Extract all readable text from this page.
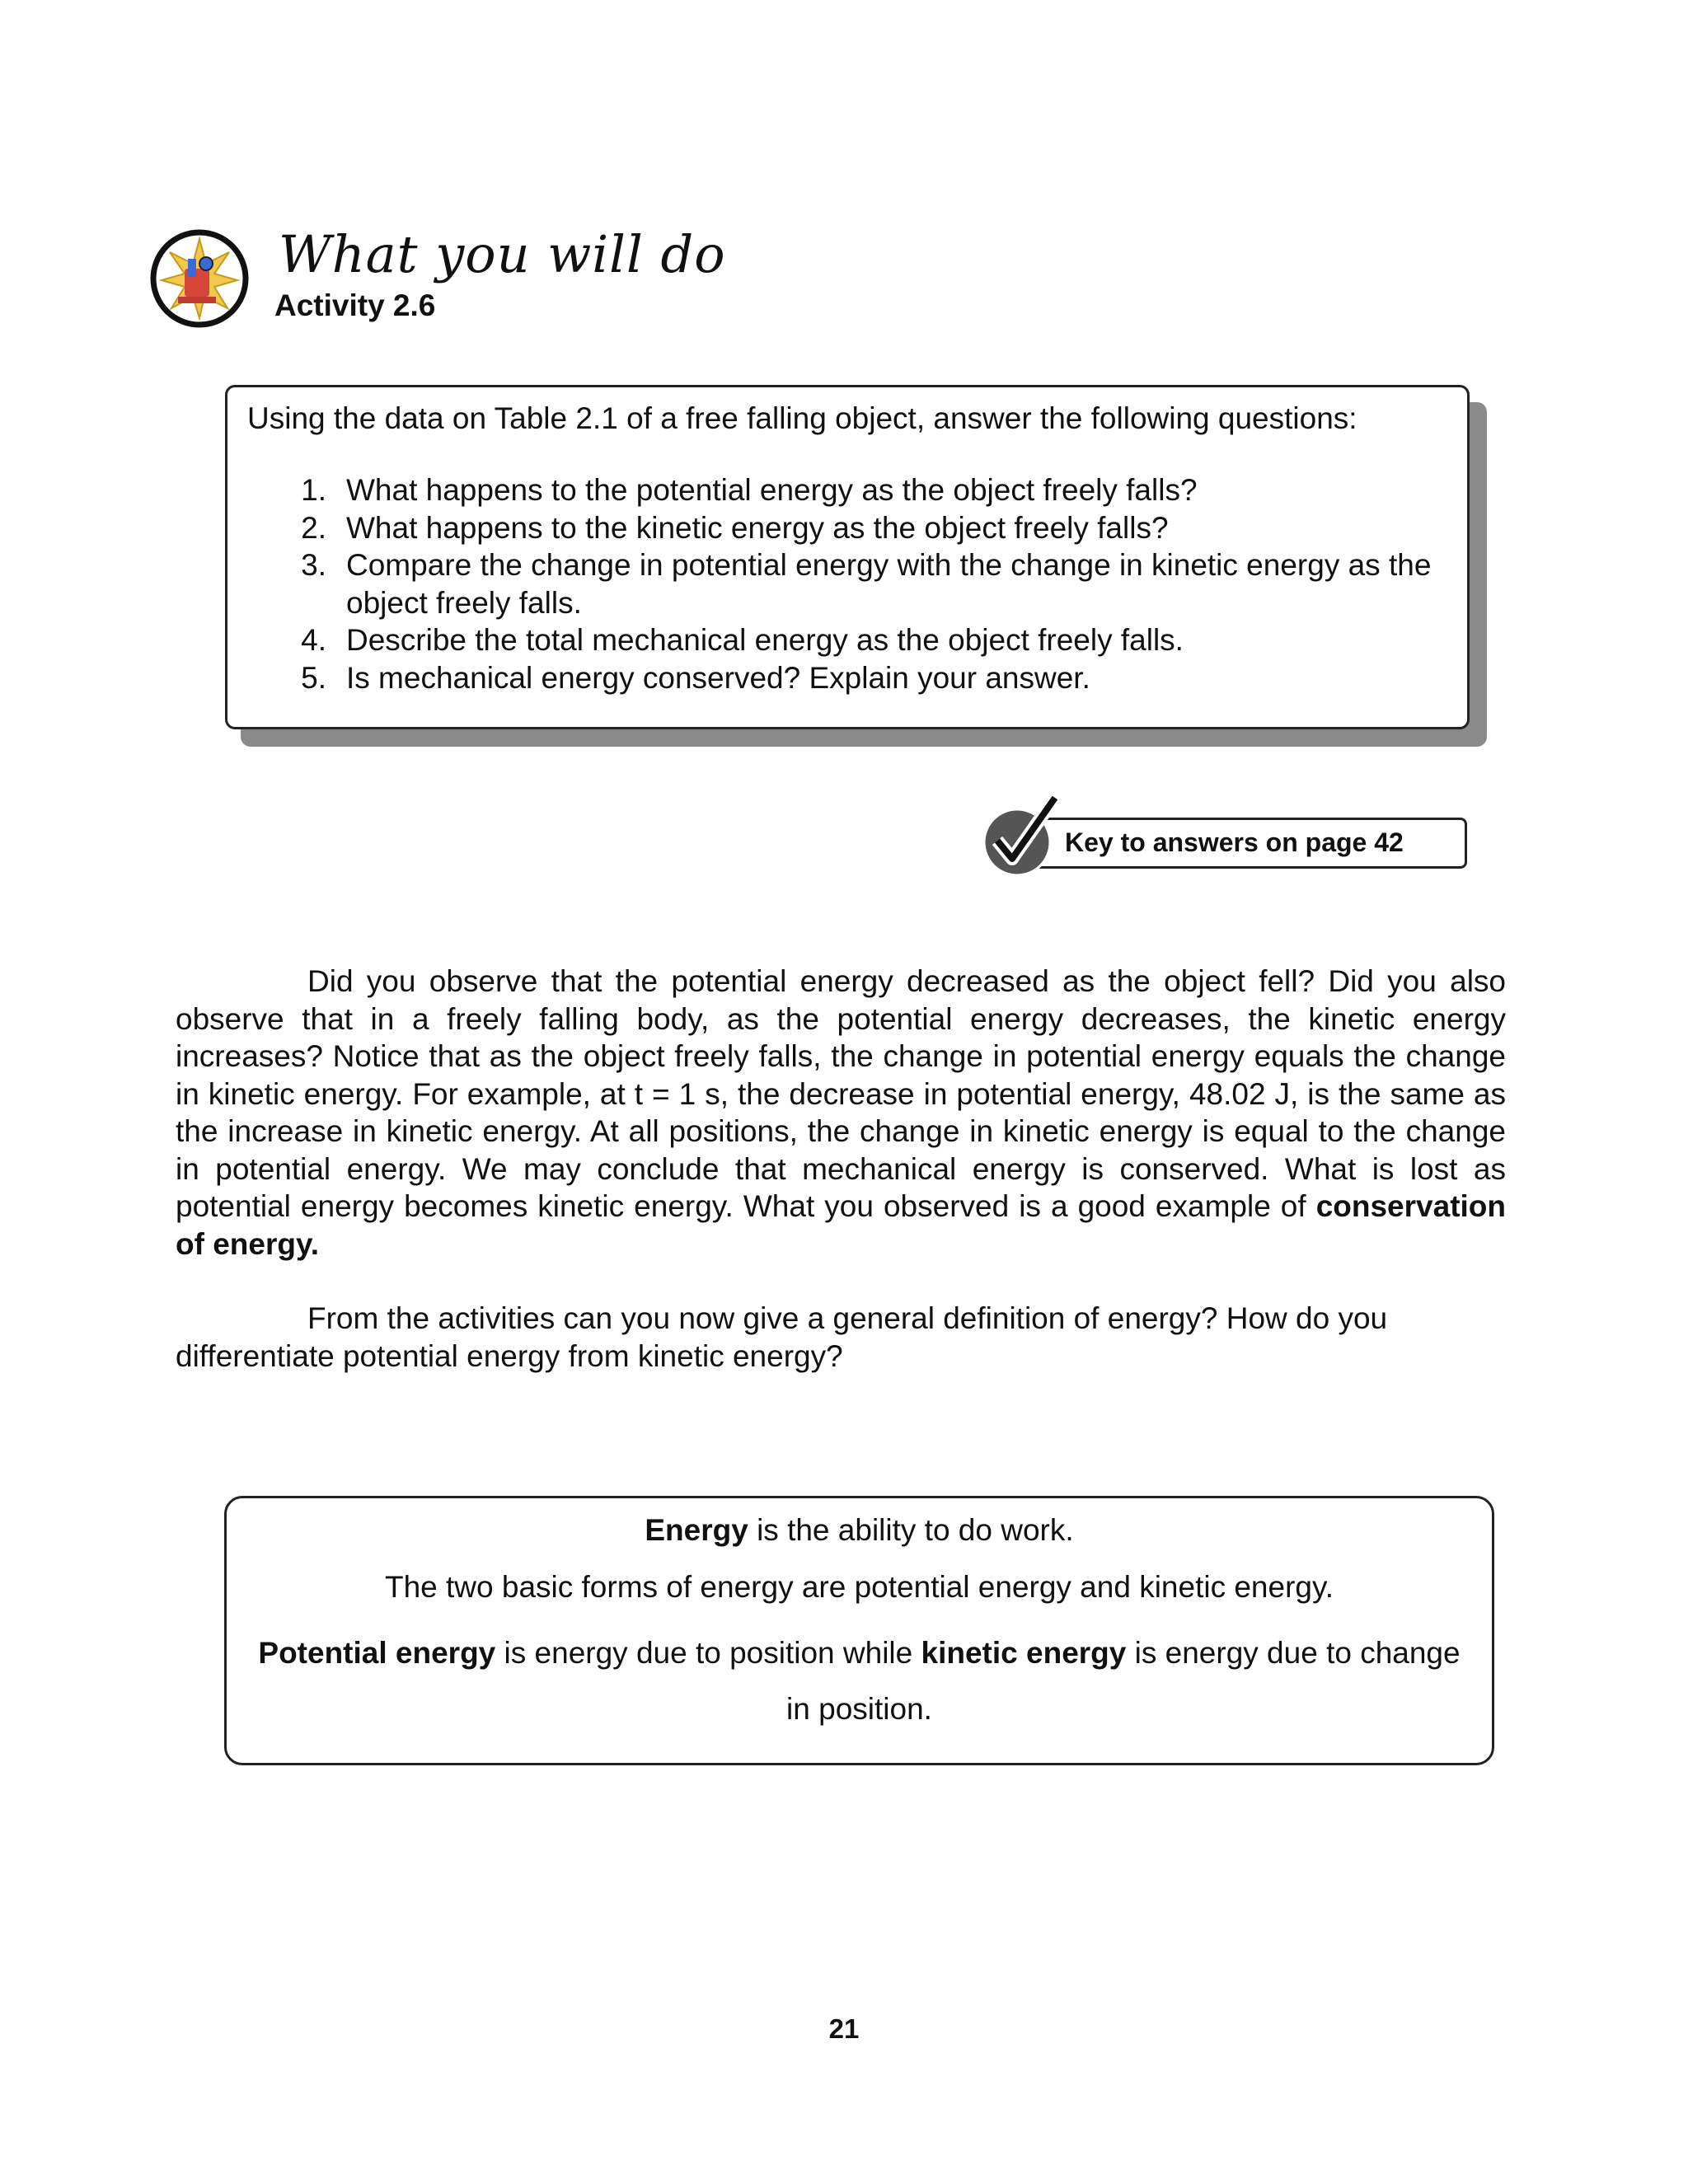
What you will do
Activity 2.6

Using the data on Table 2.1 of a free falling object, answer the following questions:

1. What happens to the potential energy as the object freely falls?
2. What happens to the kinetic energy as the object freely falls?
3. Compare the change in potential energy with the change in kinetic energy as the object freely falls.
4. Describe the total mechanical energy as the object freely falls.
5. Is mechanical energy conserved? Explain your answer.
Key to answers on page 42

Did you observe that the potential energy decreased as the object fell? Did you also observe that in a freely falling body, as the potential energy decreases, the kinetic energy increases? Notice that as the object freely falls, the change in potential energy equals the change in kinetic energy. For example, at t = 1 s, the decrease in potential energy, 48.02 J, is the same as the increase in kinetic energy. At all positions, the change in kinetic energy is equal to the change in potential energy. We may conclude that mechanical energy is conserved. What is lost as potential energy becomes kinetic energy. What you observed is a good example of conservation of energy.

From the activities can you now give a general definition of energy? How do you differentiate potential energy from kinetic energy?

Energy is the ability to do work.

The two basic forms of energy are potential energy and kinetic energy.

Potential energy is energy due to position while kinetic energy is energy due to change in position.

21
